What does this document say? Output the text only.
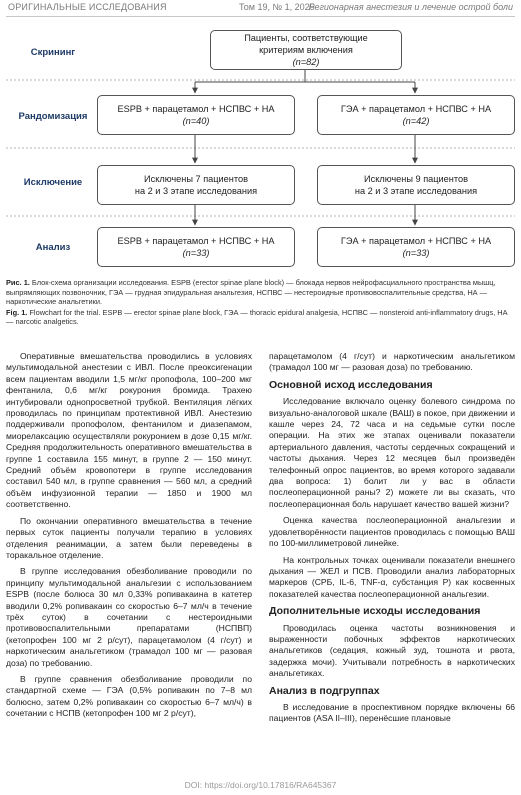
ОРИГИНАЛЬНЫЕ ИССЛЕДОВАНИЯ	Том 19, № 1, 2025
Регионарная анестезия и лечение острой боли
Скрининг
Рандомизация
Исключение
Анализ
Пациенты, соответствующие
критериям включения
(n=82)
ESPB + парацетамол + НСПВС + НА
(n=40)
ГЭА + парацетамол + НСПВС + НА
(n=42)
Исключены 7 пациентов
на 2 и 3 этапе исследования
Исключены 9 пациентов
на 2 и 3 этапе исследования
ESPB + парацетамол + НСПВС + НА
(n=33)
ГЭА + парацетамол + НСПВС + НА
(n=33)

Рис. 1. Блок-схема организации исследования. ESPB (erector spinae plane block) — блокада нервов нейрофасциального пространства мышц, выпрямляющих позвоночник, ГЭА — грудная эпидуральная анальгезия, НСПВС — нестероидные противовоспалительные средства, НА — наркотические анальгетики.

Fig. 1. Flowchart for the trial. ESPB — erector spinae plane block, ГЭА — thoracic epidural analgesia, НСПВС — nonsteroid anti-inflammatory drugs, НА — narcotic analgetics.

Оперативные вмешательства проводились в условиях мультимодальной анестезии с ИВЛ. После преоксигенации всем пациентам вводили 1,5 мг/кг пропофола, 100–200 мкг фентанила, 0,6 мг/кг рокурония бромида. Трахею интубировали однопросветной трубкой. Вентиляция лёгких проводилась по принципам протективной ИВЛ. Анестезию поддерживали пропофолом, фентанилом и диазепамом, миорелаксацию осуществляли рокуронием в дозе 0,15 мг/кг. Средняя продолжительность оперативного вмешательства в группе 1 составила 155 минут, в группе 2 — 150 минут. Средний объём кровопотери в группе исследования составил 540 мл, в группе сравнения — 560 мл, а средний объём инфузионной терапии — 1850 и 1900 мл соответственно.

По окончании оперативного вмешательства в течение первых суток пациенты получали терапию в условиях отделения реанимации, а затем были переведены в торакальное отделение.

В группе исследования обезболивание проводили по принципу мультимодальной анальгезии с использованием ESPB (после болюса 30 мл 0,33% ропивакаина в катетер вводили 0,2% ропивакаин со скоростью 6–7 мл/ч в течение трёх суток) в сочетании с нестероидными противовоспалительными препаратами (НСПВП) (кетопрофен 100 мг 2 р/сут), парацетамолом (4 г/сут) и наркотическим анальгетиком (трамадол 100 мг — разовая доза) по требованию.

В группе сравнения обезболивание проводили по стандартной схеме — ГЭА (0,5% ропивакин по 7–8 мл болюсно, затем 0,2% ропивакаин со скоростью 6–7 мл/ч) в сочетании с НСПВ (кетопрофен 100 мг 2 р/сут),

парацетамолом (4 г/сут) и наркотическим анальгетиком (трамадол 100 мг — разовая доза) по требованию.

Основной исход исследования

Исследование включало оценку болевого синдрома по визуально-аналоговой шкале (ВАШ) в покое, при движении и кашле через 24, 72 часа и на седьмые сутки после операции. На этих же этапах оценивали показатели артериального давления, частоты сердечных сокращений и частоты дыхания. Через 12 месяцев был произведён телефонный опрос пациентов, во время которого задавали два вопроса: 1) болит ли у вас в области послеоперационной раны? 2) можете ли вы сказать, что послеоперационная боль нарушает качество вашей жизни?

Оценка качества послеоперационной анальгезии и удовлетворённости пациентов проводилась с помощью ВАШ по 100-миллиметровой линейке.

На контрольных точках оценивали показатели внешнего дыхания — ЖЕЛ и ПСВ. Проводили анализ лабораторных маркеров (СРБ, IL-6, TNF-α, субстанция Р) как косвенных показателей качества послеоперационной анальгезии.

Дополнительные исходы исследования

Проводилась оценка частоты возникновения и выраженности побочных эффектов наркотических анальгетиков (седация, кожный зуд, тошнота и рвота, задержка мочи). Учитывали потребность в наркотических анальгетиках.

Анализ в подгруппах

В исследование в проспективном порядке включены 66 пациентов (ASA II–III), перенёсшие плановые

DOI: https://doi.org/10.17816/RA645367
